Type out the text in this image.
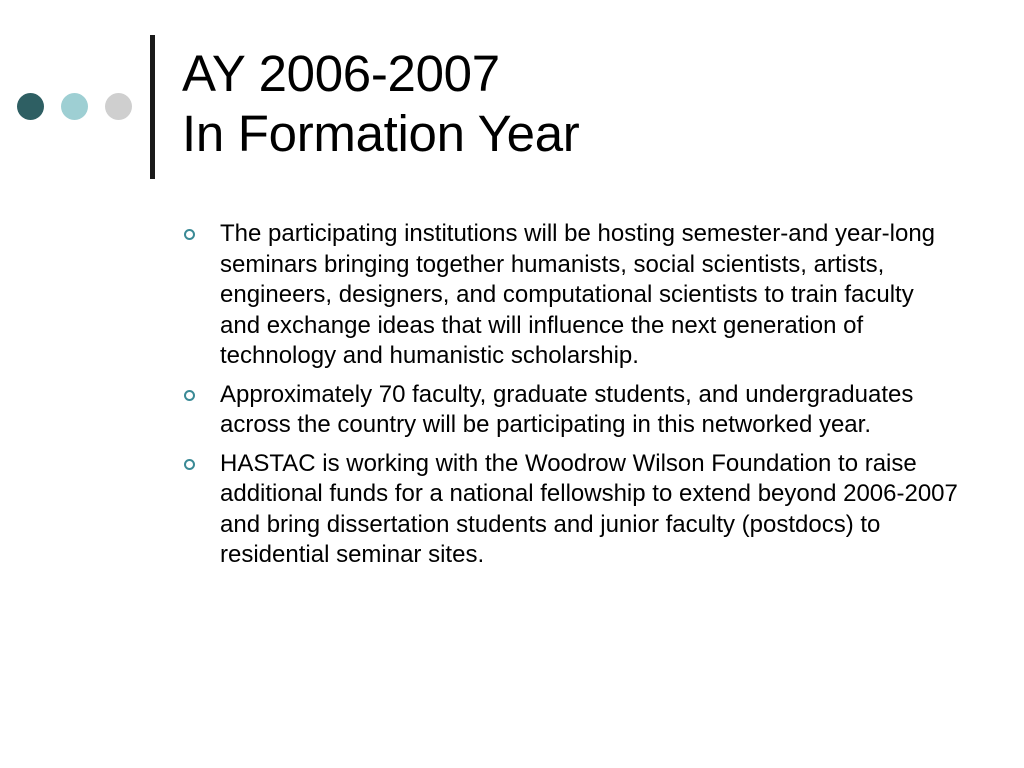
AY 2006-2007
In Formation Year
The participating institutions will be hosting semester-and year-long seminars bringing together humanists, social scientists, artists, engineers, designers, and computational scientists to train faculty and exchange ideas that will influence the next generation of technology and humanistic scholarship.
Approximately 70 faculty, graduate students, and undergraduates across the country will be participating in this networked year.
HASTAC is working with the Woodrow Wilson Foundation to raise additional funds for a national fellowship to extend beyond 2006-2007 and bring dissertation students and junior faculty (postdocs) to residential seminar sites.
